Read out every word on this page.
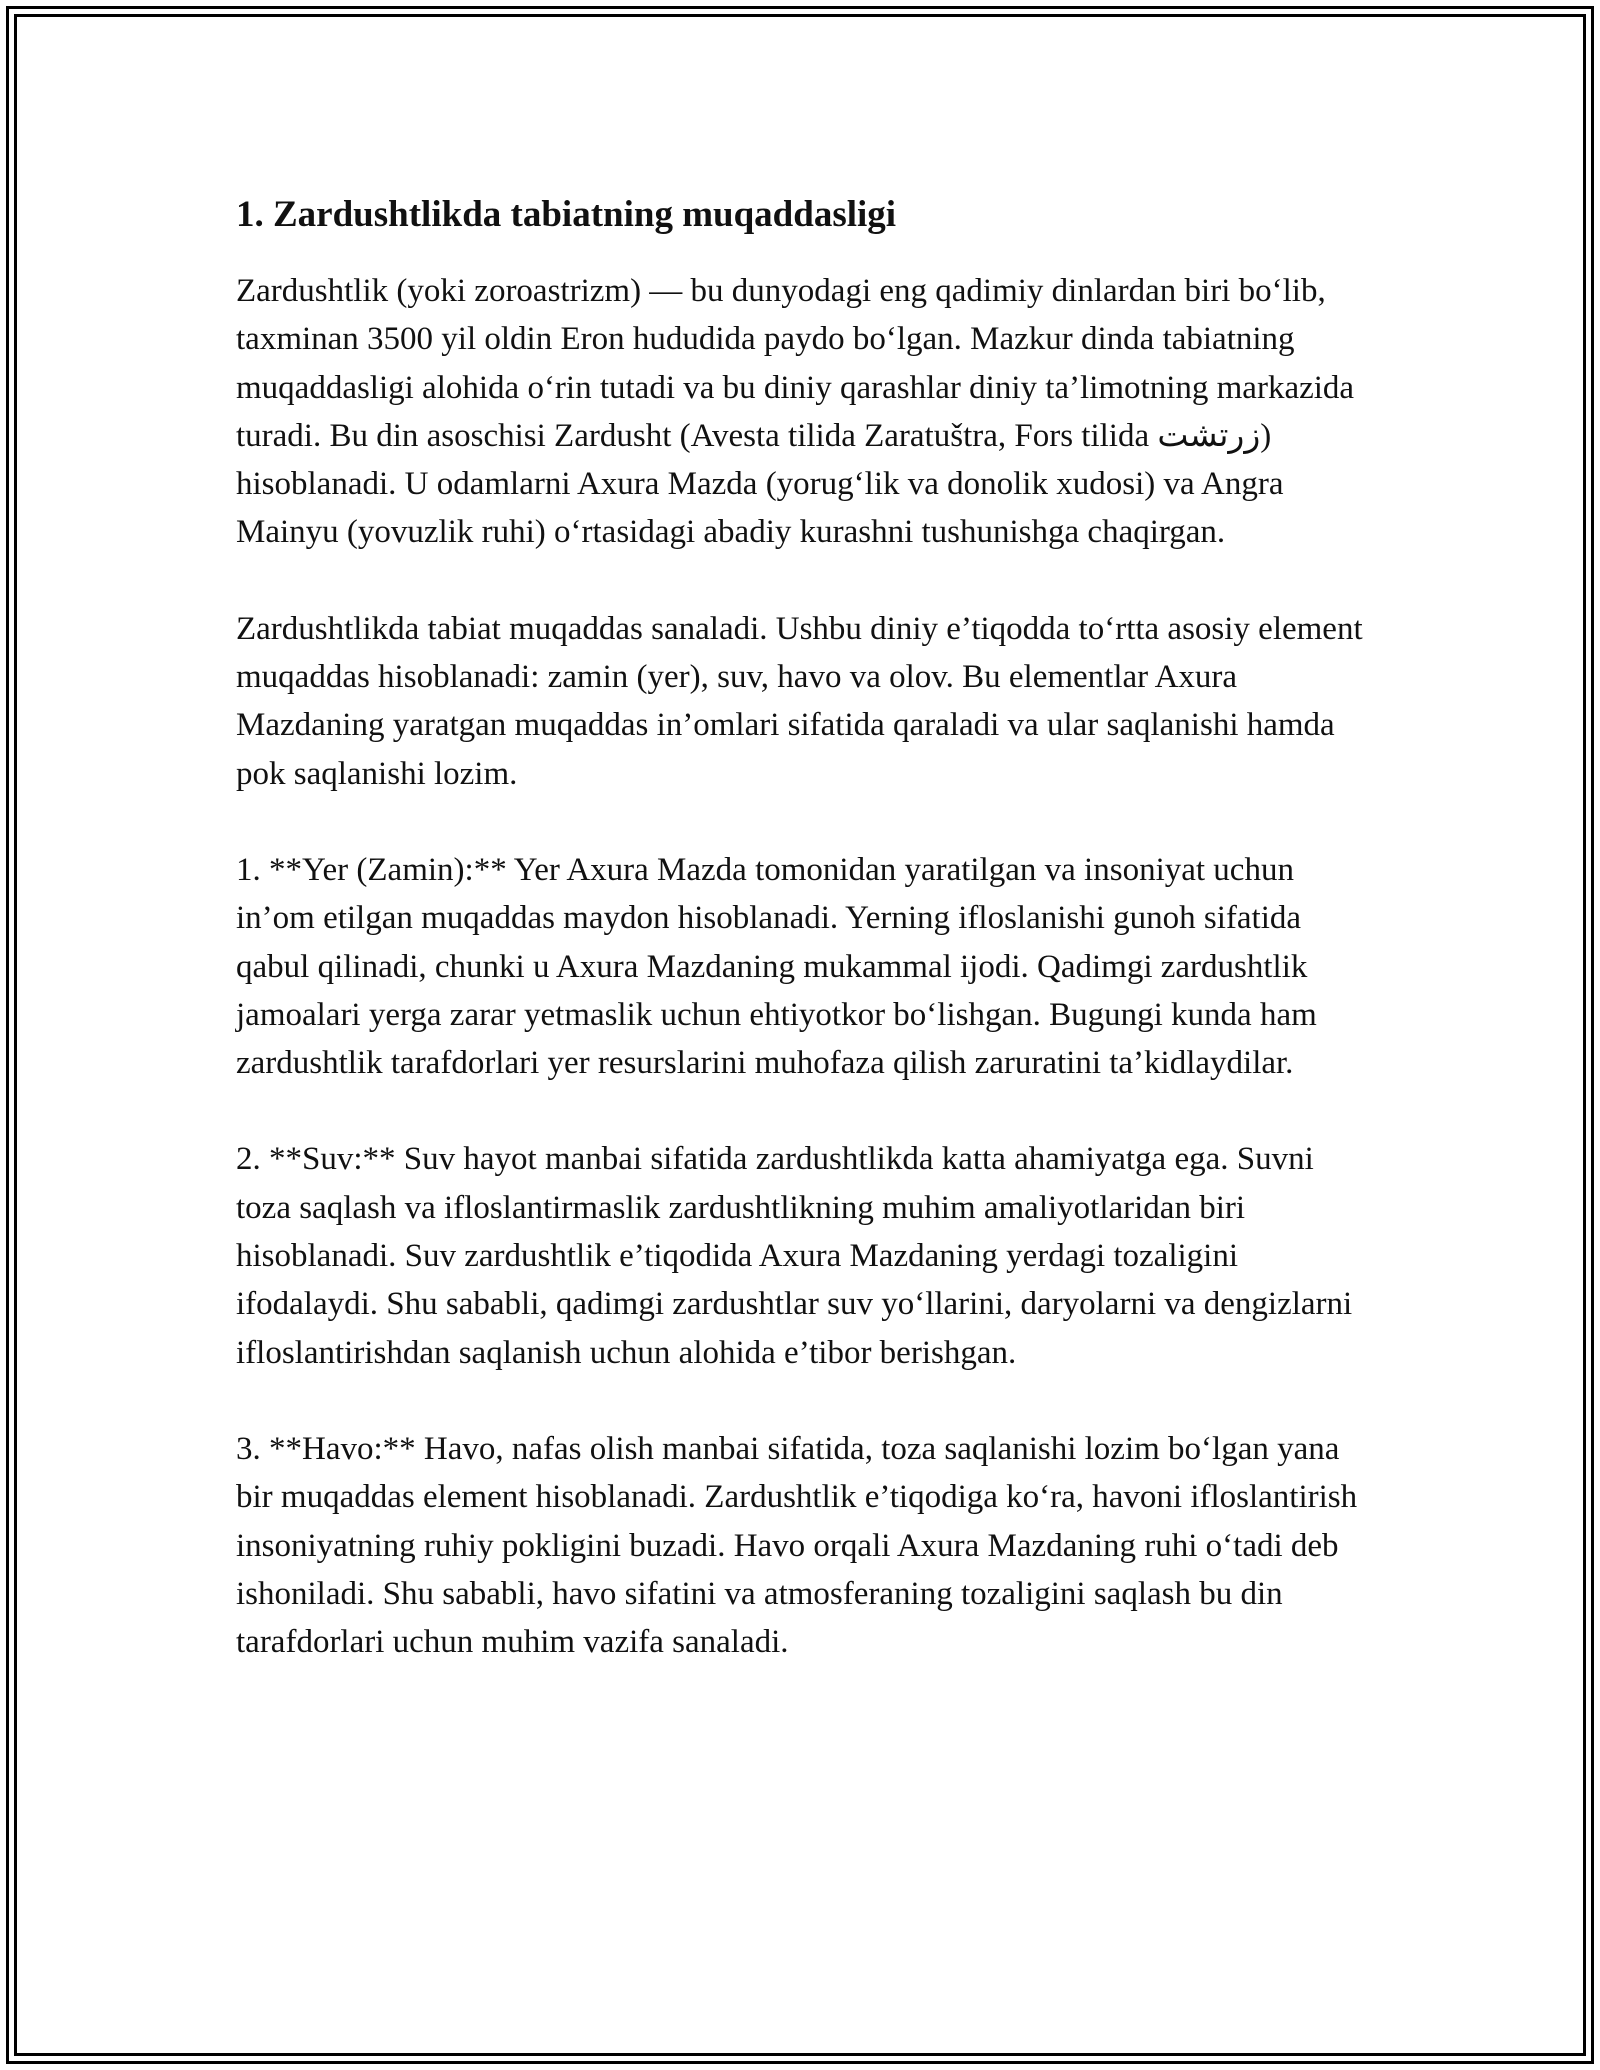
1. Zardushtlikda tabiatning muqaddasligi

Zardushtlik (yoki zoroastrizm) — bu dunyodagi eng qadimiy dinlardan biri bo‘lib, taxminan 3500 yil oldin Eron hududida paydo bo‘lgan. Mazkur dinda tabiatning muqaddasligi alohida o‘rin tutadi va bu diniy qarashlar diniy ta’limotning markazida turadi. Bu din asoschisi Zardusht (Avesta tilida Zaratuštra, Fors tilida زرتشت) hisoblanadi. U odamlarni Axura Mazda (yorug‘lik va donolik xudosi) va Angra Mainyu (yovuzlik ruhi) o‘rtasidagi abadiy kurashni tushunishga chaqirgan.

Zardushtlikda tabiat muqaddas sanaladi. Ushbu diniy e’tiqodda to‘rtta asosiy element muqaddas hisoblanadi: zamin (yer), suv, havo va olov. Bu elementlar Axura Mazdaning yaratgan muqaddas in’omlari sifatida qaraladi va ular saqlanishi hamda pok saqlanishi lozim.

1. **Yer (Zamin):** Yer Axura Mazda tomonidan yaratilgan va insoniyat uchun in’om etilgan muqaddas maydon hisoblanadi. Yerning ifloslanishi gunoh sifatida qabul qilinadi, chunki u Axura Mazdaning mukammal ijodi. Qadimgi zardushtlik jamoalari yerga zarar yetmaslik uchun ehtiyotkor bo‘lishgan. Bugungi kunda ham zardushtlik tarafdorlari yer resurslarini muhofaza qilish zaruratini ta’kidlaydilar.

2. **Suv:** Suv hayot manbai sifatida zardushtlikda katta ahamiyatga ega. Suvni toza saqlash va ifloslantirmaslik zardushtlikning muhim amaliyotlaridan biri hisoblanadi. Suv zardushtlik e’tiqodida Axura Mazdaning yerdagi tozaligini ifodalaydi. Shu sababli, qadimgi zardushtlar suv yo‘llarini, daryolarni va dengizlarni ifloslantirishdan saqlanish uchun alohida e’tibor berishgan.

3. **Havo:** Havo, nafas olish manbai sifatida, toza saqlanishi lozim bo‘lgan yana bir muqaddas element hisoblanadi. Zardushtlik e’tiqodiga ko‘ra, havoni ifloslantirish insoniyatning ruhiy pokligini buzadi. Havo orqali Axura Mazdaning ruhi o‘tadi deb ishoniladi. Shu sababli, havo sifatini va atmosferaning tozaligini saqlash bu din tarafdorlari uchun muhim vazifa sanaladi.
